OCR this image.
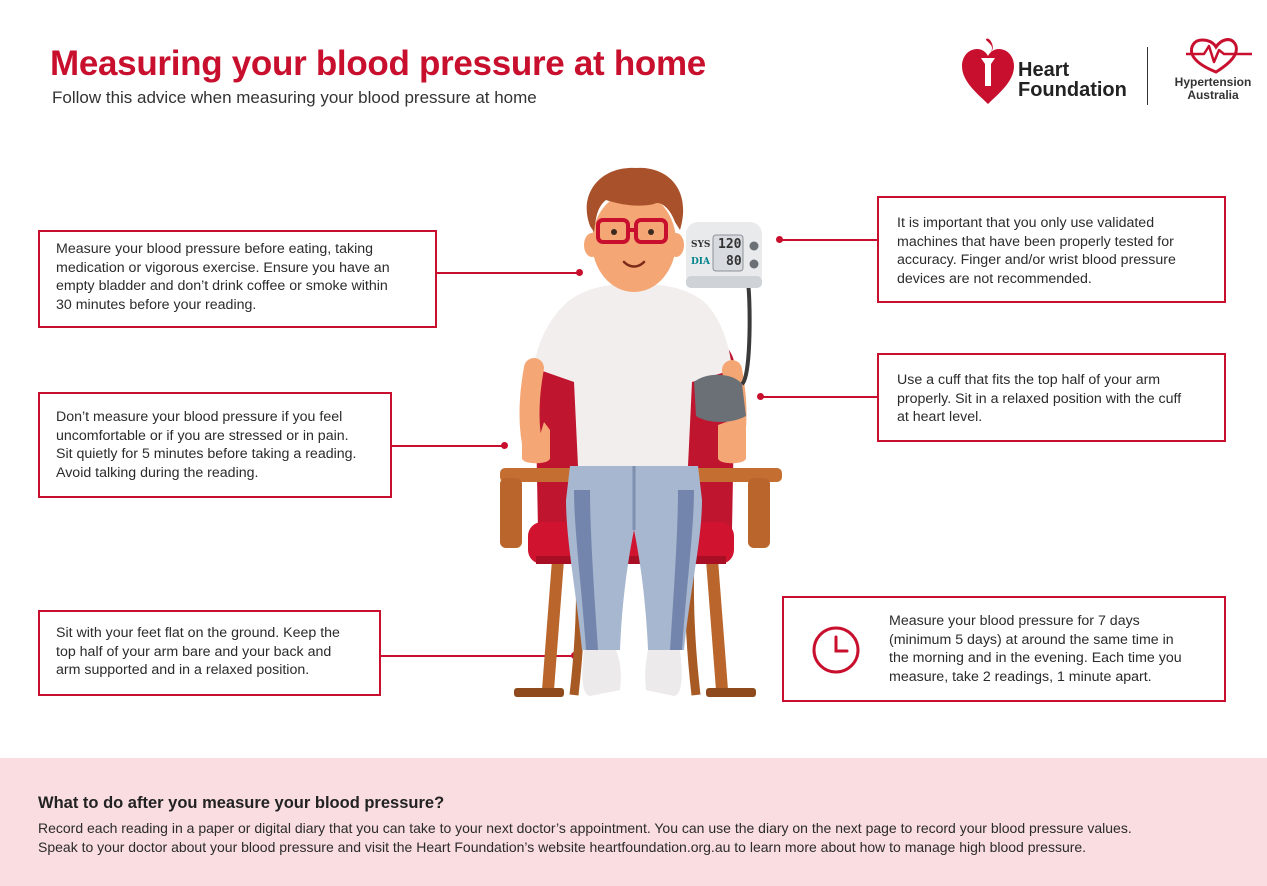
Measuring your blood pressure at home
Follow this advice when measuring your blood pressure at home
Heart
Foundation	Hypertension
Australia

Measure your blood pressure before eating, taking
medication or vigorous exercise. Ensure you have an
empty bladder and don’t drink coffee or smoke within
30 minutes before your reading.

Don’t measure your blood pressure if you feel
uncomfortable or if you are stressed or in pain.
Sit quietly for 5 minutes before taking a reading.
Avoid talking during the reading.

Sit with your feet flat on the ground. Keep the
top half of your arm bare and your back and
arm supported and in a relaxed position.

It is important that you only use validated
machines that have been properly tested for
accuracy. Finger and/or wrist blood pressure
devices are not recommended.

Use a cuff that fits the top half of your arm
properly. Sit in a relaxed position with the cuff
at heart level.

Measure your blood pressure for 7 days
(minimum 5 days) at around the same time in
the morning and in the evening. Each time you
measure, take 2 readings, 1 minute apart.

SYS
DIA
120
80
What to do after you measure your blood pressure?

Record each reading in a paper or digital diary that you can take to your next doctor’s appointment. You can use the diary on the next page to record your blood pressure values.
Speak to your doctor about your blood pressure and visit the Heart Foundation’s website heartfoundation.org.au to learn more about how to manage high blood pressure.
